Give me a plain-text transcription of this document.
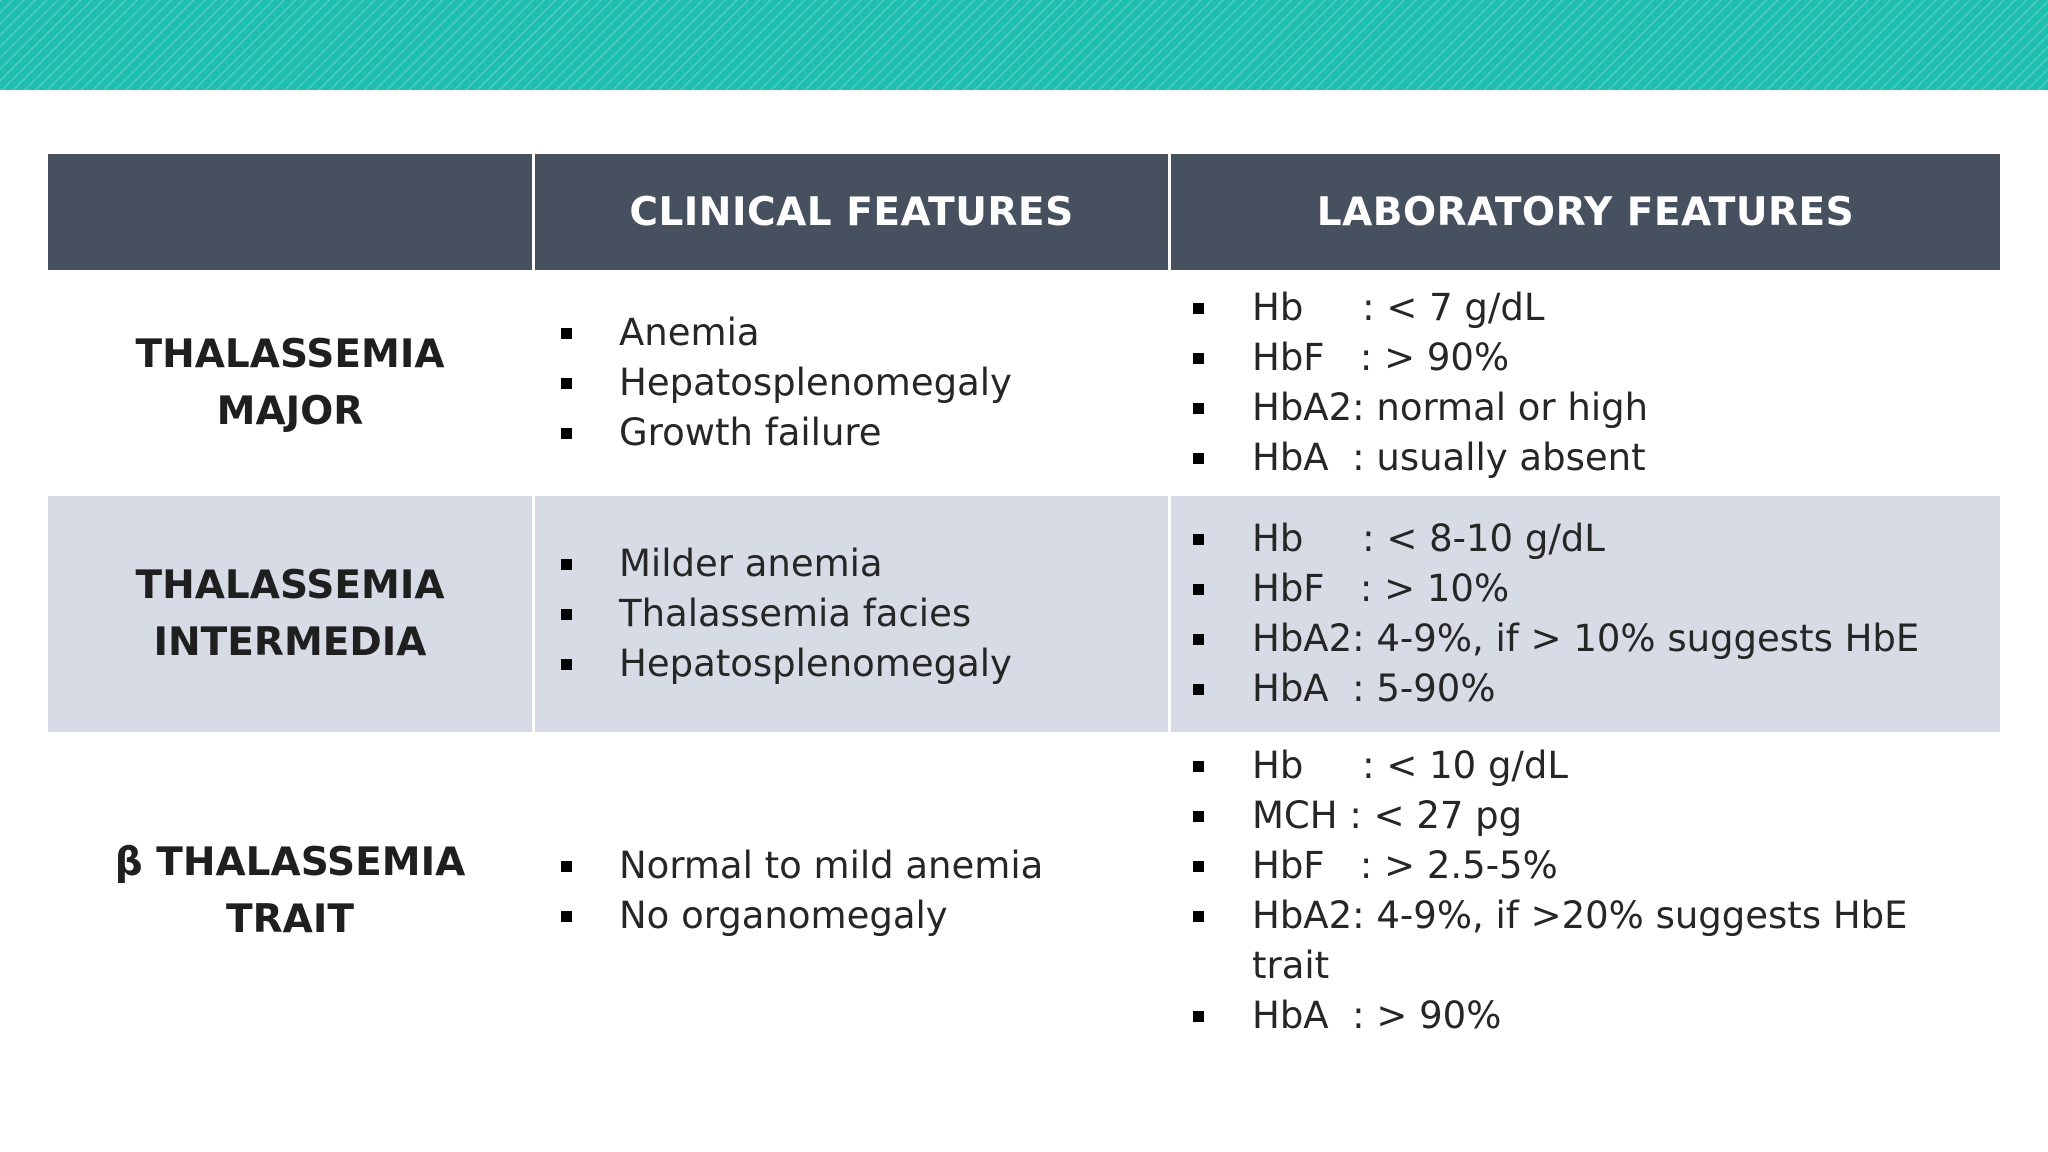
CLINICAL FEATURES	LABORATORY FEATURES
THALASSEMIA
MAJOR
Anemia
Hepatosplenomegaly
Growth failure
Hb     : < 7 g/dL
HbF   : > 90%
HbA2: normal or high
HbA  : usually absent
THALASSEMIA
INTERMEDIA
Milder anemia
Thalassemia facies
Hepatosplenomegaly
Hb     : < 8-10 g/dL
HbF   : > 10%
HbA2: 4-9%, if > 10% suggests HbE
HbA  : 5-90%
β THALASSEMIA
TRAIT
Normal to mild anemia
No organomegaly
Hb     : < 10 g/dL
MCH : < 27 pg
HbF   : > 2.5-5%
HbA2: 4-9%, if >20% suggests HbE trait
HbA  : > 90%
